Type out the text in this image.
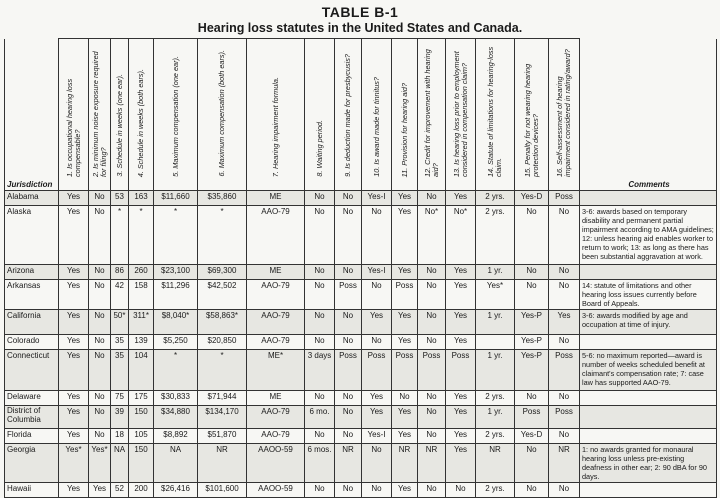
TABLE B-1
Hearing loss statutes in the United States and Canada.

	1. Is occupational hearing loss compensable?	2. Is minimum noise exposure required for filing?	3. Schedule in weeks (one ear).	4. Schedule in weeks (both ears).	5. Maximum compensation (one ear).	6. Maximum compensation (both ears).	7. Hearing impairment formula.	8. Waiting period.	9. Is deduction made for presbycusis?	10. Is award made for tinnitus?	11. Provision for hearing aid?	12. Credit for improvement with hearing aid?	13. Is hearing loss prior to employment considered in compensation claim?	14. Statute of limitations for hearing-loss claim.	15. Penalty for not wearing hearing protection devices?	16. Self-assessment of hearing impairment considered in rating/award?	

Jurisdiction																	Comments
Alabama	Yes	No	53	163	$11,660	$35,860	ME	No	No	Yes-I	Yes	No	Yes	2 yrs.	Yes-D	Poss	
Alaska	Yes	No	*	*	*	*	AAO-79	No	No	No	Yes	No*	No*	2 yrs.	No	No	3-6: awards based on temporary disability and permanent partial impairment according to AMA guidelines; 12: unless hearing aid enables worker to return to work; 13: as long as there has been substantial aggravation at work.
Arizona	Yes	No	86	260	$23,100	$69,300	ME	No	No	Yes-I	Yes	No	Yes	1 yr.	No	No	
Arkansas	Yes	No	42	158	$11,296	$42,502	AAO-79	No	Poss	No	Poss	No	Yes	Yes*	No	No	14: statute of limitations and other hearing loss issues currently before Board of Appeals.
California	Yes	No	50*	311*	$8,040*	$58,863*	AAO-79	No	No	Yes	Yes	No	Yes	1 yr.	Yes-P	Yes	3-6: awards modified by age and occupation at time of injury.
Colorado	Yes	No	35	139	$5,250	$20,850	AAO-79	No	No	No	Yes	No	Yes		Yes-P	No	
Connecticut	Yes	No	35	104	*	*	ME*	3 days	Poss	Poss	Poss	Poss	Poss	1 yr.	Yes-P	Poss	5-6: no maximum reported—award is number of weeks scheduled benefit at claimant's compensation rate; 7: case law has supported AAO-79.
Delaware	Yes	No	75	175	$30,833	$71,944	ME	No	No	Yes	No	No	Yes	2 yrs.	No	No	
District of Columbia	Yes	No	39	150	$34,880	$134,170	AAO-79	6 mo.	No	Yes	Yes	No	Yes	1 yr.	Poss	Poss	
Florida	Yes	No	18	105	$8,892	$51,870	AAO-79	No	No	Yes-I	Yes	No	Yes	2 yrs.	Yes-D	No	
Georgia	Yes*	Yes*	NA	150	NA	NR	AAOO-59	6 mos.	NR	No	NR	NR	Yes	NR	No	NR	1: no awards granted for monaural hearing loss unless pre-existing deafness in other ear; 2: 90 dBA for 90 days.
Hawaii	Yes	Yes	52	200	$26,416	$101,600	AAOO-59	No	No	No	Yes	No	No	2 yrs.	No	No	
